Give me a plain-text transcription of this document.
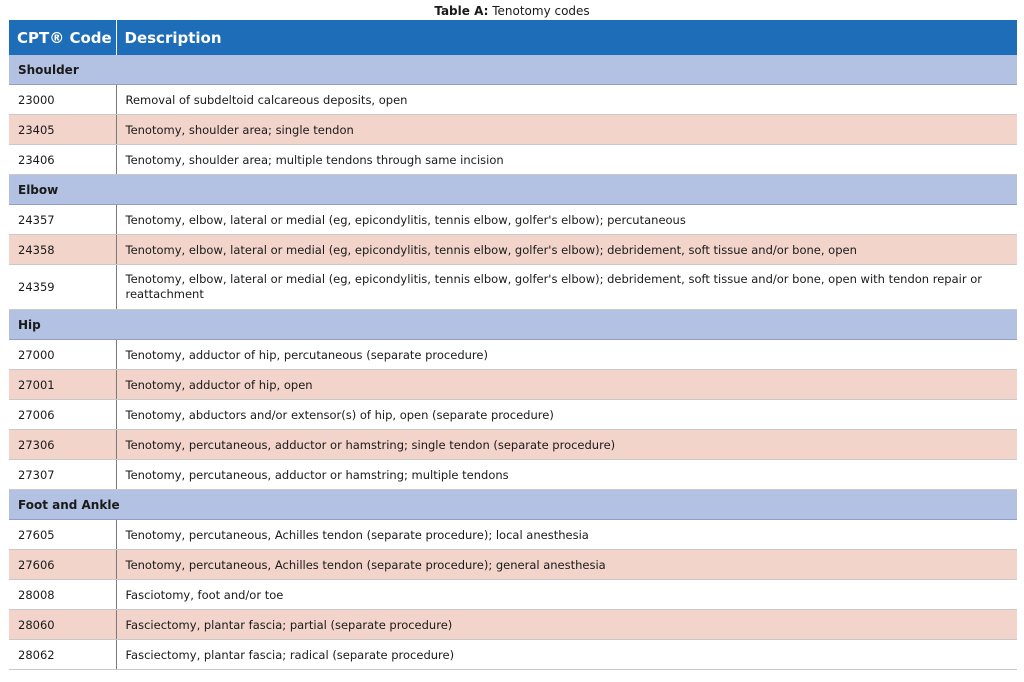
Table A: Tenotomy codes
CPT® Code	Description
Shoulder	
23000	Removal of subdeltoid calcareous deposits, open
23405	Tenotomy, shoulder area; single tendon
23406	Tenotomy, shoulder area; multiple tendons through same incision
Elbow	
24357	Tenotomy, elbow, lateral or medial (eg, epicondylitis, tennis elbow, golfer's elbow); percutaneous
24358	Tenotomy, elbow, lateral or medial (eg, epicondylitis, tennis elbow, golfer's elbow); debridement, soft tissue and/or bone, open
24359	Tenotomy, elbow, lateral or medial (eg, epicondylitis, tennis elbow, golfer's elbow); debridement, soft tissue and/or bone, open with tendon repair or reattachment
Hip	
27000	Tenotomy, adductor of hip, percutaneous (separate procedure)
27001	Tenotomy, adductor of hip, open
27006	Tenotomy, abductors and/or extensor(s) of hip, open (separate procedure)
27306	Tenotomy, percutaneous, adductor or hamstring; single tendon (separate procedure)
27307	Tenotomy, percutaneous, adductor or hamstring; multiple tendons
Foot and Ankle	
27605	Tenotomy, percutaneous, Achilles tendon (separate procedure); local anesthesia
27606	Tenotomy, percutaneous, Achilles tendon (separate procedure); general anesthesia
28008	Fasciotomy, foot and/or toe
28060	Fasciectomy, plantar fascia; partial (separate procedure)
28062	Fasciectomy, plantar fascia; radical (separate procedure)
